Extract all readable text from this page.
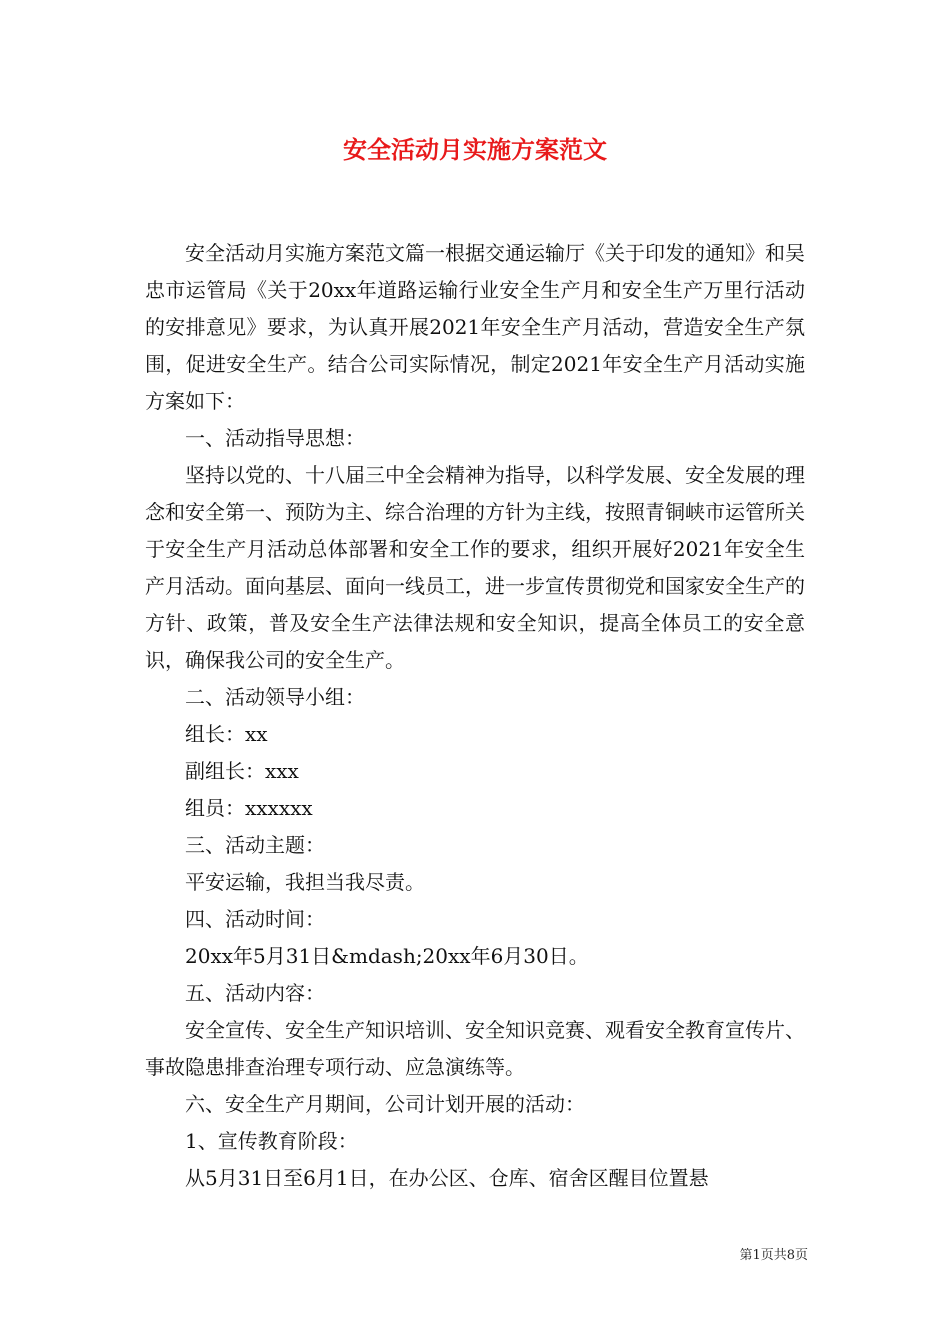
安全活动月实施方案范文

安全活动月实施方案范文篇一根据交通运输厅《关于印发的通知》和吴忠市运管局《关于20xx年道路运输行业安全生产月和安全生产万里行活动的安排意见》要求，为认真开展2021年安全生产月活动，营造安全生产氛围，促进安全生产。结合公司实际情况，制定2021年安全生产月活动实施方案如下：

一、活动指导思想：

坚持以党的、十八届三中全会精神为指导，以科学发展、安全发展的理念和安全第一、预防为主、综合治理的方针为主线，按照青铜峡市运管所关于安全生产月活动总体部署和安全工作的要求，组织开展好2021年安全生产月活动。面向基层、面向一线员工，进一步宣传贯彻党和国家安全生产的方针、政策，普及安全生产法律法规和安全知识，提高全体员工的安全意识，确保我公司的安全生产。

二、活动领导小组：

组长：xx

副组长：xxx

组员：xxxxxx

三、活动主题：

平安运输，我担当我尽责。

四、活动时间：

20xx年5月31日&mdash;20xx年6月30日。

五、活动内容：

安全宣传、安全生产知识培训、安全知识竞赛、观看安全教育宣传片、事故隐患排查治理专项行动、应急演练等。

六、安全生产月期间，公司计划开展的活动：

1、宣传教育阶段：

从5月31日至6月1日，在办公区、仓库、宿舍区醒目位置悬

第1页共8页
